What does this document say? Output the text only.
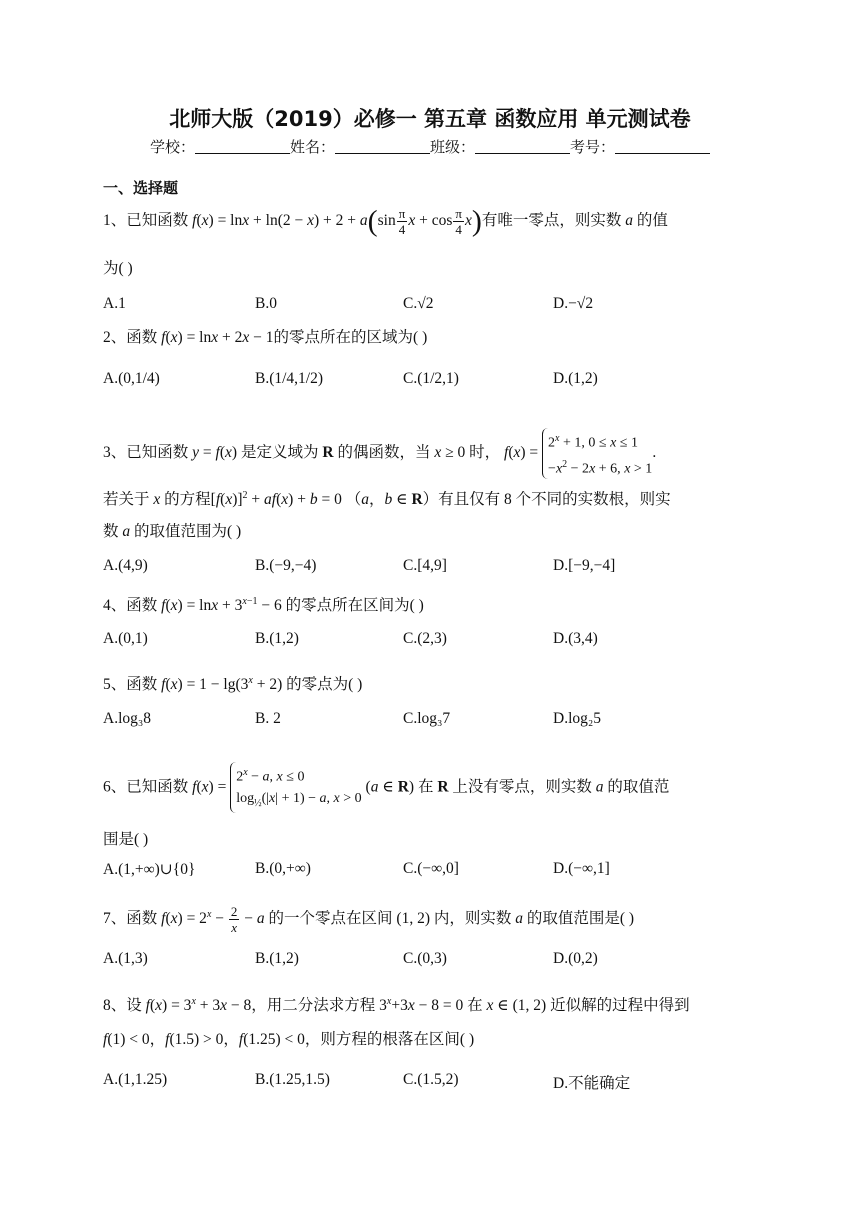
北师大版（2019）必修一 第五章 函数应用 单元测试卷
学校：	姓名：	班级：	考号：
一、选择题
1、已知函数 $f(x) = \ln x + \ln(2 - x) + 2 + a(\sin \frac{\pi}{4}$ $x + \cos \frac{\pi}{4} x$)有唯一零点，则实数 a 的值
为( )
A.1	B.0	C.√2	D.−√2
2、函数 f(x) = lnx + 2x − 1的零点所在的区域为( )
A.(0,1/4)	B.(1/4,1/2)	C.(1/2,1)	D.(1,2)
3、已知函数 y = f(x) 是定义域为 R 的偶函数，当 x ≥ 0 时， $f(x) = 2^x + 1$, 0 ≤ x ≤ 1
$-x^2 - 2x + 6$, x > 1.
若关于 x 的方程$[f(x)]^2 + af(x) + b = 0$ （a，b ∈ R）有且仅有 8 个不同的实数根，则实
数 a 的取值范围为( )
A.(4,9)	B.(−9,−4)	C.[4,9]	D.[−9,−4]
4、函数 $f(x) = \ln x + 3^{x-1} - 6$ 的零点所在区间为( )
A.(0,1)	B.(1,2)	C.(2,3)	D.(3,4)
5、函数 $f(x) = 1 - \lg(3^x + 2)$ 的零点为( )
A.log₃8	B. 2	C.log₃7	D.log₂5
6、已知函数 $f(x) = 2^x - a$, x ≤ 0
$\log_{\frac{1}{2}}(|x| + 1) - a$, x > 0 (a ∈ R) 在 R 上没有零点，则实数 a 的取值范
围是( )
A.(1,+∞)∪{0}	B.(0,+∞)	C.(−∞,0]	D.(−∞,1]
7、函数 $f(x) = 2^x - \frac{2}{x} - a$ 的一个零点在区间 (1, 2) 内，则实数 a 的取值范围是( )
A.(1,3)	B.(1,2)	C.(0,3)	D.(0,2)
8、设 $f(x) = 3^x + 3x - 8$，用二分法求方程 $3^x+3x - 8 = 0$ 在 x ∈ (1, 2) 近似解的过程中得到
f(1) < 0，f(1.5) > 0，f(1.25) < 0，则方程的根落在区间( )
A.(1,1.25)	B.(1.25,1.5)	C.(1.5,2)	D.不能确定
